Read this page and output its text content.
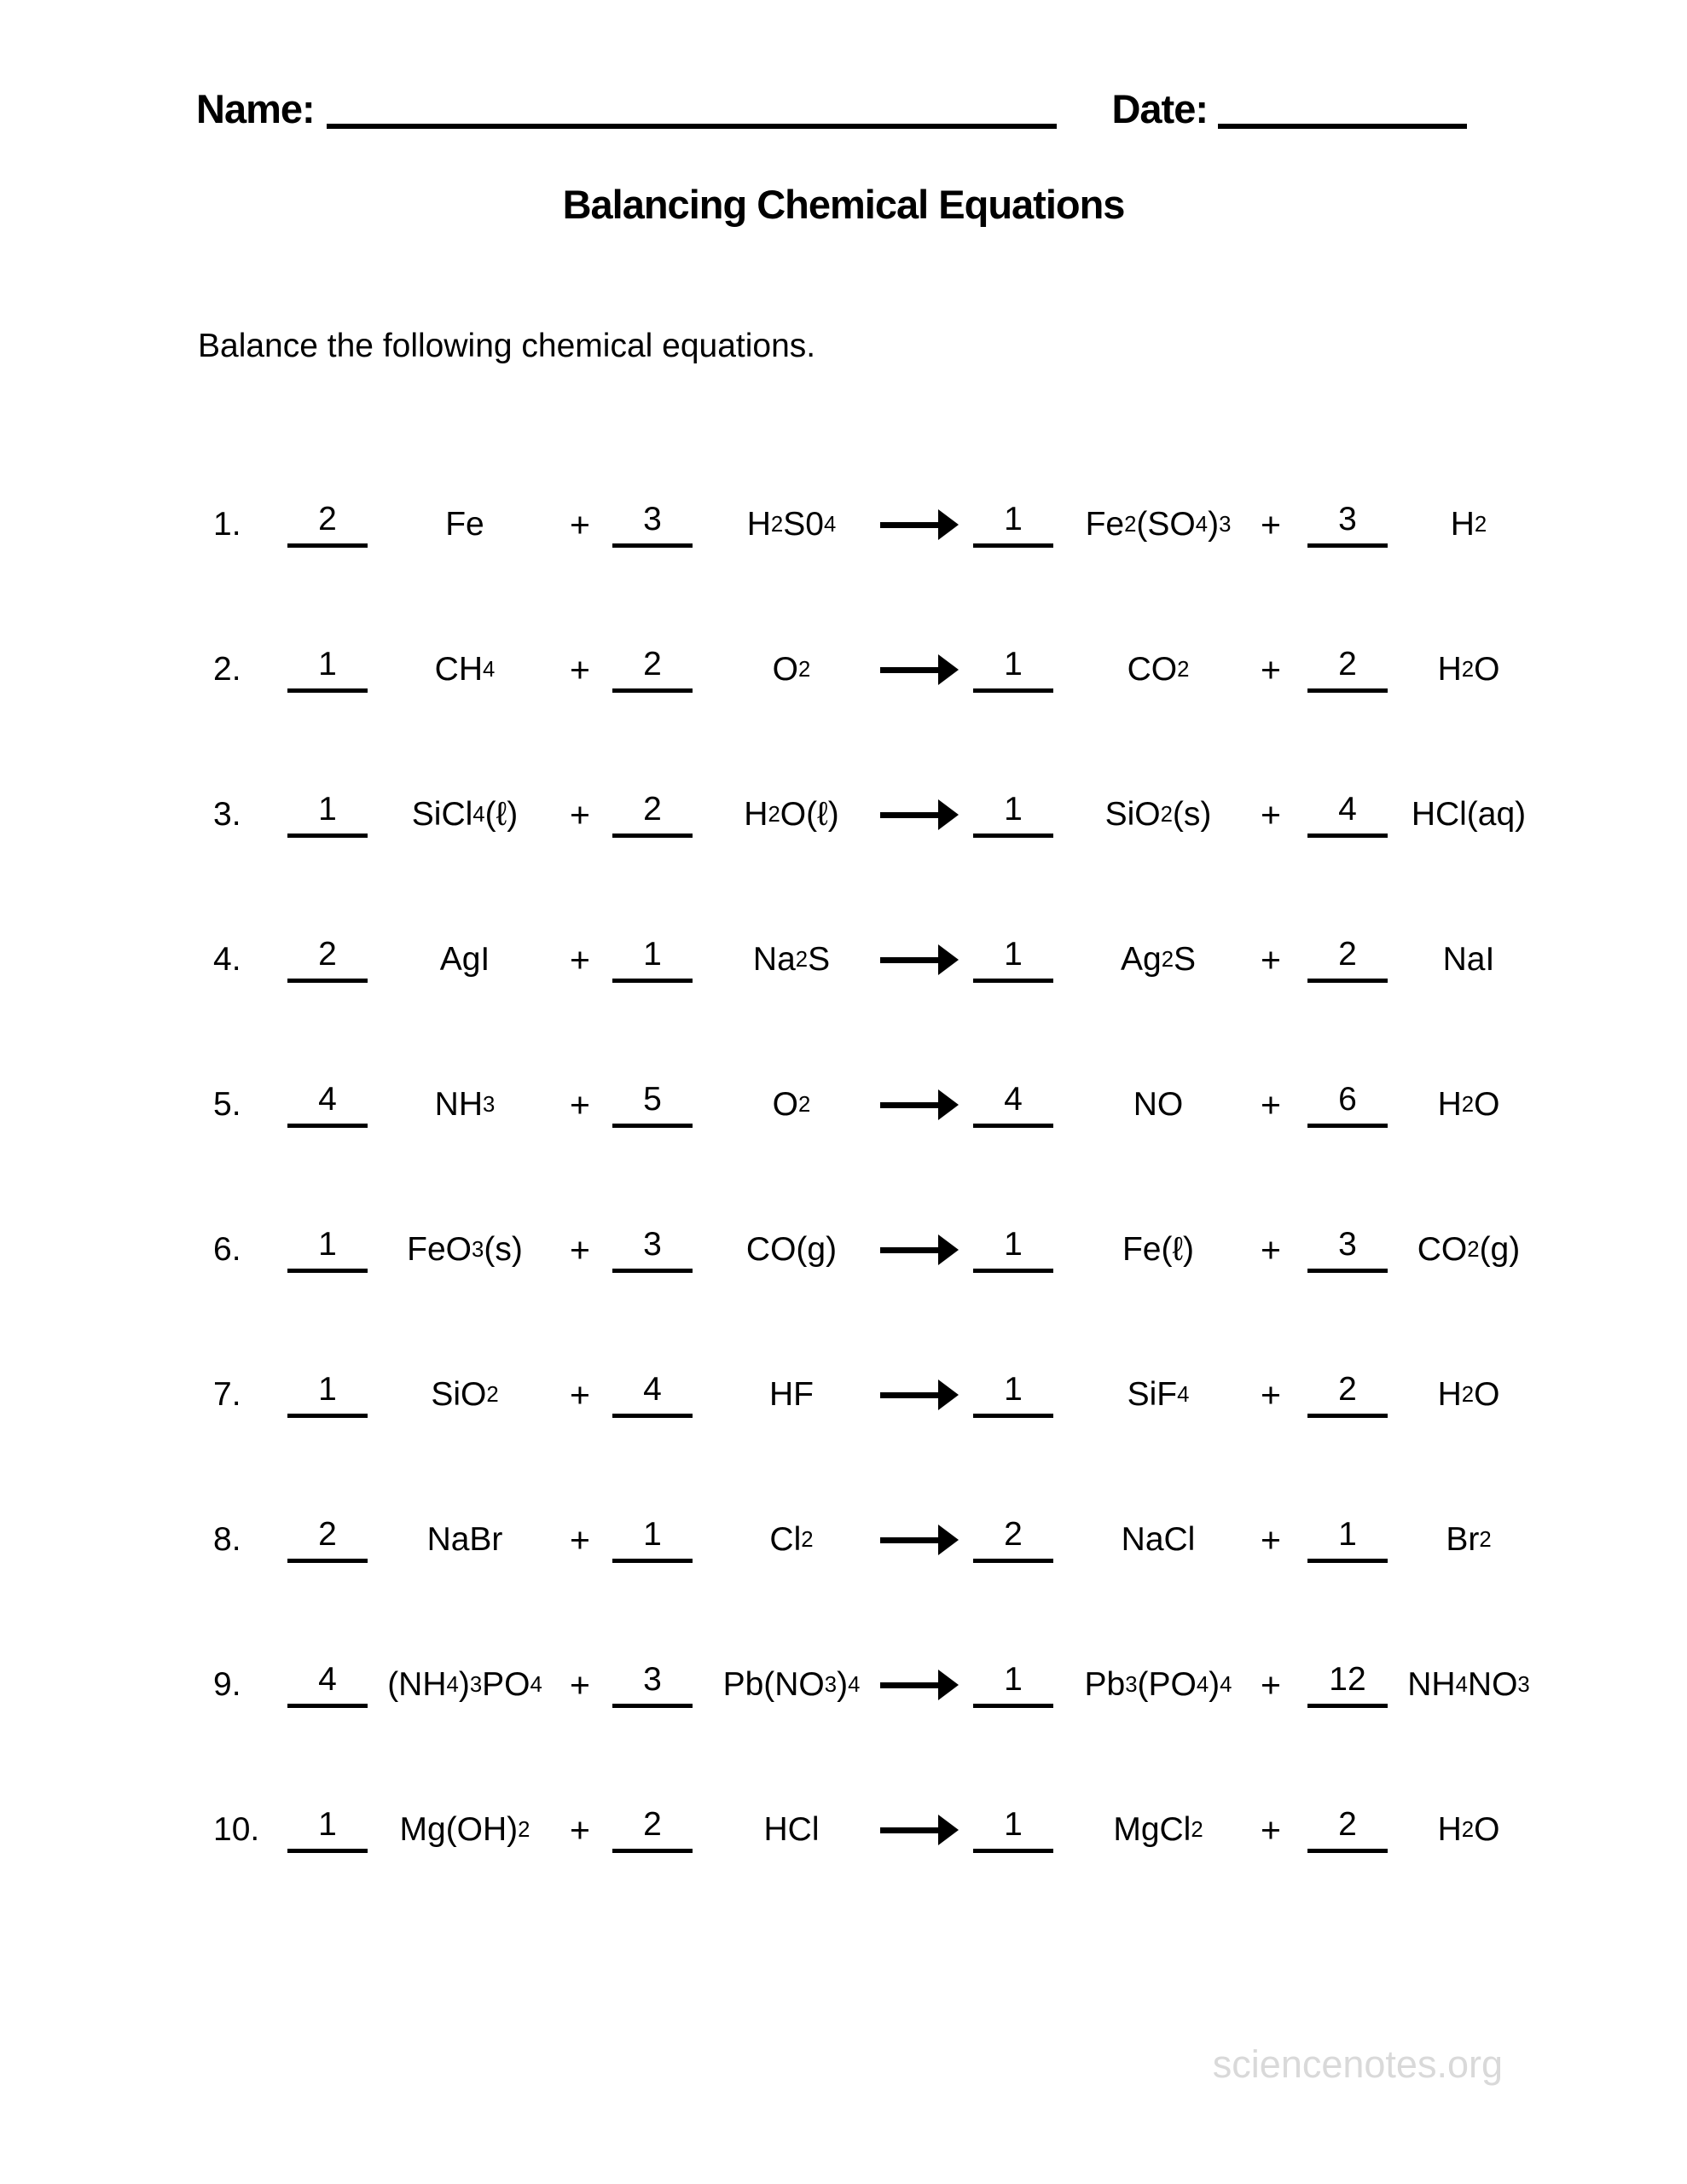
Name:	Date:
Balancing Chemical Equations
Balance the following chemical equations.
1.	2	Fe	+	3	H 2 S0 4	1	Fe 2 (SO 4 ) 3 +	3	H 2
2.	1	CH 4 +	2	O 2	1	CO 2 +	2	H 2 O
3.	1	SiCl 4 (ℓ)	+	2	H 2 O(ℓ)	1	SiO 2 (s)	+	4	HCl(aq)
4.	2	AgI	+	1	Na 2 S	1	Ag 2 S	+	2	NaI
5.	4	NH 3 +	5	O 2	4	NO	+	6	H 2 O
6.	1	FeO 3 (s)	+	3	CO(g)	1	Fe(ℓ)	+	3	CO 2 (g)
7.	1	SiO 2 +	4	HF	1	SiF 4 +	2	H 2 O
8.	2	NaBr	+	1	Cl 2	2	NaCl	+	1	Br 2
9.	4	(NH 4 ) 3 PO 4 +	3	Pb(NO 3 ) 4	1	Pb 3 (PO 4 ) 4 +	12	NH 4 NO 3
10.	1	Mg(OH) 2 +	2	HCl	1	MgCl 2 +	2	H 2 O
sciencenotes.org
